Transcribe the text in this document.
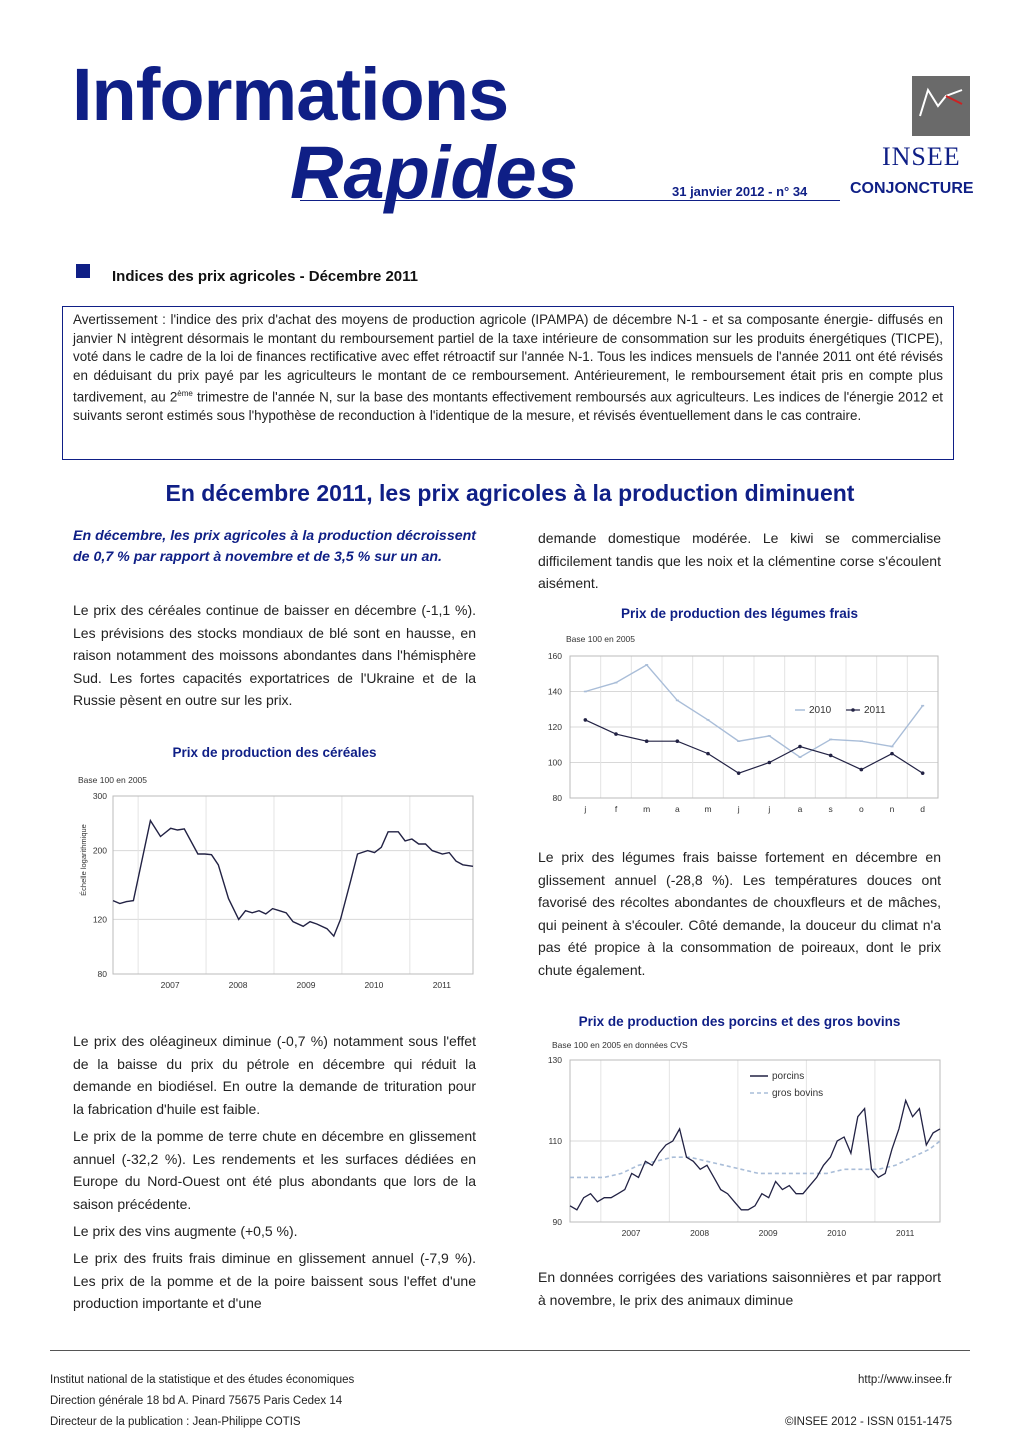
Informations
Rapides	31 janvier 2012 - n° 34
INSEE
CONJONCTURE
Indices des prix agricoles - Décembre 2011
Avertissement : l'indice des prix d'achat des moyens de production agricole (IPAMPA) de décembre N-1 - et sa composante énergie- diffusés en janvier N intègrent désormais le montant du remboursement partiel de la taxe intérieure de consommation sur les produits énergétiques (TICPE), voté dans le cadre de la loi de finances rectificative avec effet rétroactif sur l'année N-1. Tous les indices mensuels de l'année 2011 ont été révisés en déduisant du prix payé par les agriculteurs le montant de ce remboursement. Antérieurement, le remboursement était pris en compte plus tardivement, au 2ème trimestre de l'année N, sur la base des montants effectivement remboursés aux agriculteurs. Les indices de l'énergie 2012 et suivants seront estimés sous l'hypothèse de reconduction à l'identique de la mesure, et révisés éventuellement dans le cas contraire.
En décembre 2011, les prix agricoles à la production diminuent
En décembre, les prix agricoles à la production décroissent de 0,7 % par rapport à novembre et de 3,5 % sur un an.
Le prix des céréales continue de baisser en décembre (-1,1 %). Les prévisions des stocks mondiaux de blé sont en hausse, en raison notamment des moissons abondantes dans l'hémisphère Sud. Les fortes capacités exportatrices de l'Ukraine et de la Russie pèsent en outre sur les prix.
Prix de production des céréales
Base 100 en 2005
300
200
120
80
2007	2008	2009	2010	2011
Échelle logarithmique
Le prix des oléagineux diminue (-0,7 %) notamment sous l'effet de la baisse du prix du pétrole en décembre qui réduit la demande en biodiésel. En outre la demande de trituration pour la fabrication d'huile est faible.
Le prix de la pomme de terre chute en décembre en glissement annuel (-32,2 %). Les rendements et les surfaces dédiées en Europe du Nord-Ouest ont été plus abondants que lors de la saison précédente.
Le prix des vins augmente (+0,5 %).
Le prix des fruits frais diminue en glissement annuel (-7,9 %). Les prix de la pomme et de la poire baissent sous l'effet d'une production importante et d'une
demande domestique modérée. Le kiwi se commercialise difficilement tandis que les noix et la clémentine corse s'écoulent aisément.
Prix de production des légumes frais
Base 100 en 2005
160
140
120
100
80
j	f	m	a	m	j	j	a	s	o	n	d
2010	2011
Le prix des légumes frais baisse fortement en décembre en glissement annuel (-28,8 %). Les températures douces ont favorisé des récoltes abondantes de chouxfleurs et de mâches, qui peinent à s'écouler. Côté demande, la douceur du climat n'a pas été propice à la consommation de poireaux, dont le prix chute également.
Prix de production des porcins et des gros bovins
Base 100 en 2005 en données CVS
130
110
90
2007	2008	2009	2010	2011
porcins
gros bovins
En données corrigées des variations saisonnières et par rapport à novembre, le prix des animaux diminue
Institut national de la statistique et des études économiques
Direction générale 18 bd A. Pinard 75675 Paris Cedex 14
Directeur de la publication : Jean-Philippe COTIS
http://www.insee.fr
©INSEE 2012 - ISSN 0151-1475
